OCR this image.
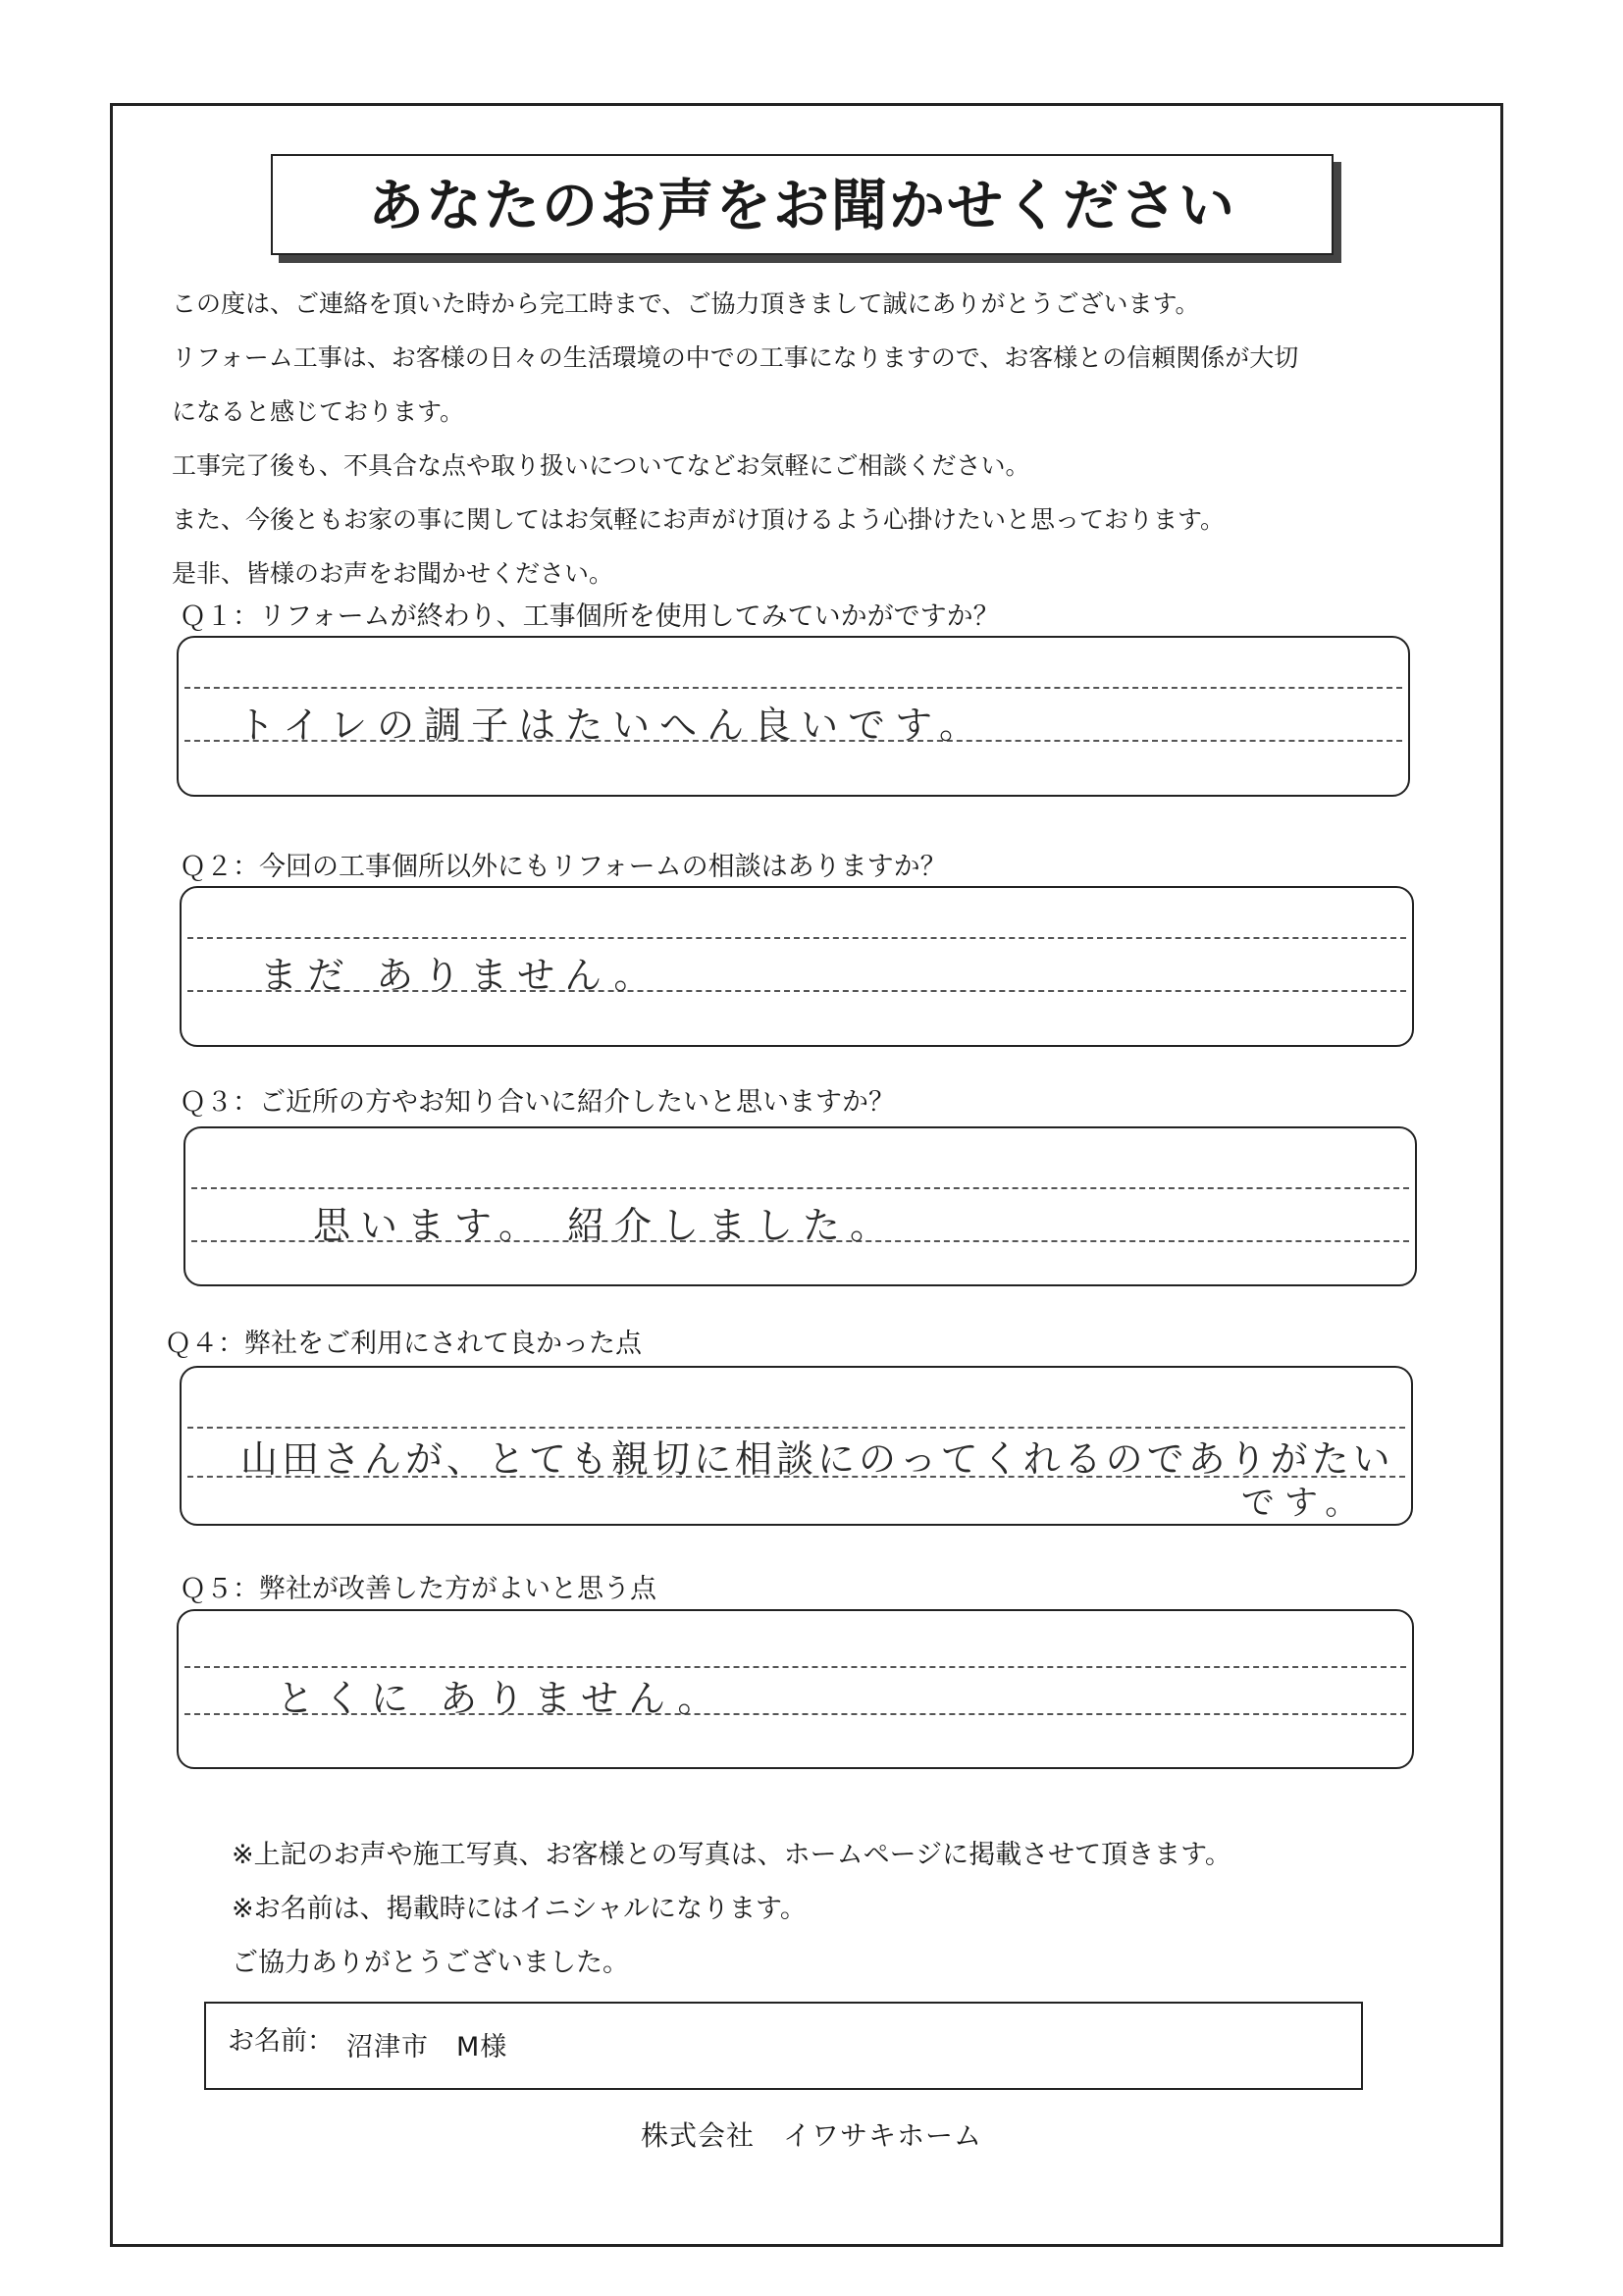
あなたのお声をお聞かせください
この度は、ご連絡を頂いた時から完工時まで、ご協力頂きまして誠にありがとうございます。
リフォーム工事は、お客様の日々の生活環境の中での工事になりますので、お客様との信頼関係が大切
になると感じております。
工事完了後も、不具合な点や取り扱いについてなどお気軽にご相談ください。
また、今後ともお家の事に関してはお気軽にお声がけ頂けるよう心掛けたいと思っております。
是非、皆様のお声をお聞かせください。
Ｑ１：リフォームが終わり、工事個所を使用してみていかがですか？
トイレの調子はたいへん良いです。
Ｑ２：今回の工事個所以外にもリフォームの相談はありますか？
まだ ありません。
Ｑ３：ご近所の方やお知り合いに紹介したいと思いますか？
思います。 紹介しました。
Ｑ４：弊社をご利用にされて良かった点
山田さんが、とても親切に相談にのってくれるのでありがたい
です。
Ｑ５：弊社が改善した方がよいと思う点
とくに ありません。
※上記のお声や施工写真、お客様との写真は、ホームページに掲載させて頂きます。
※お名前は、掲載時にはイニシャルになります。
ご協力ありがとうございました。
お名前： 沼津市　M様
株式会社　イワサキホーム
